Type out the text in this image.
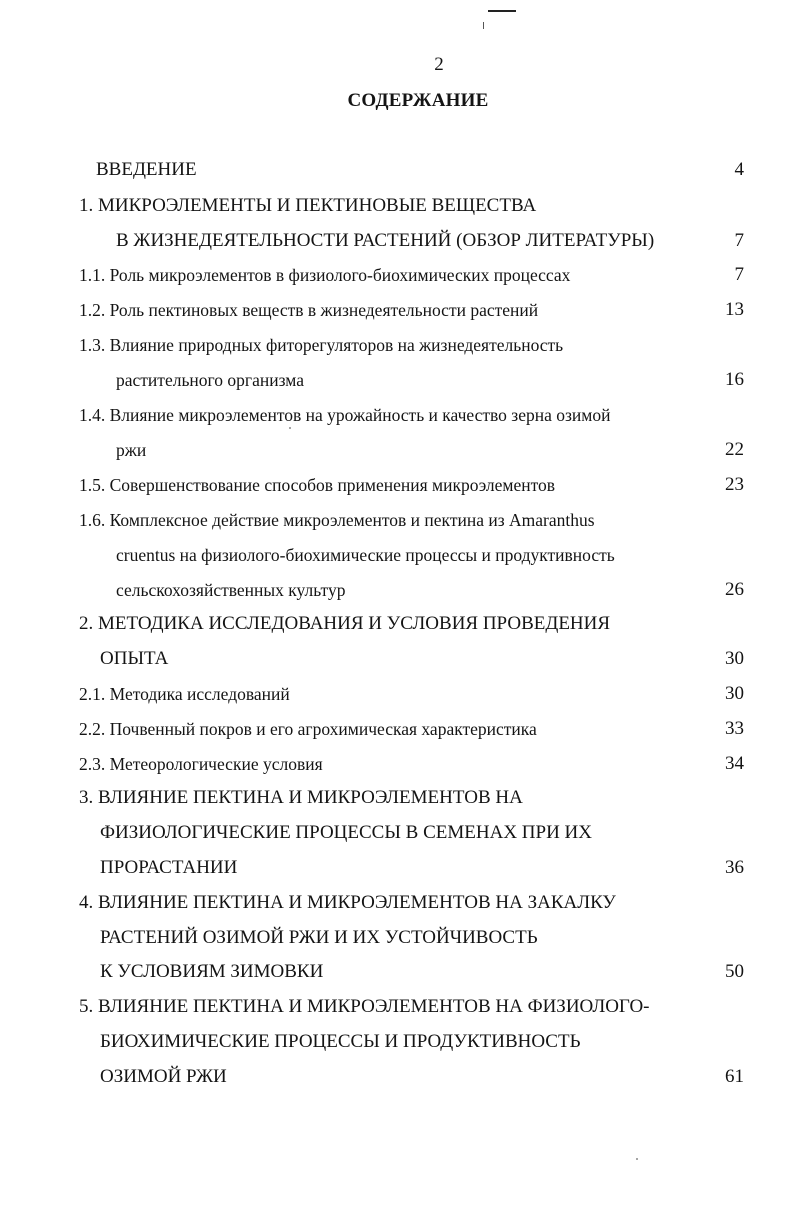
2
СОДЕРЖАНИЕ
ВВЕДЕНИЕ	4
1. МИКРОЭЛЕМЕНТЫ И ПЕКТИНОВЫЕ ВЕЩЕСТВА
В ЖИЗНЕДЕЯТЕЛЬНОСТИ РАСТЕНИЙ (ОБЗОР ЛИТЕРАТУРЫ)	7
1.1. Роль микроэлементов в физиолого-биохимических процессах	7
1.2. Роль пектиновых веществ в жизнедеятельности растений	13
1.3. Влияние природных фиторегуляторов на жизнедеятельность
растительного организма	16
1.4. Влияние микроэлементов на урожайность и качество зерна озимой
ржи	22
1.5. Совершенствование способов применения микроэлементов	23
1.6. Комплексное действие микроэлементов и пектина из Amaranthus
cruentus на физиолого-биохимические процессы и продуктивность
сельскохозяйственных культур	26
2. МЕТОДИКА ИССЛЕДОВАНИЯ И УСЛОВИЯ ПРОВЕДЕНИЯ
ОПЫТА	30
2.1. Методика исследований	30
2.2. Почвенный покров и его агрохимическая характеристика	33
2.3. Метеорологические условия	34
3. ВЛИЯНИЕ ПЕКТИНА И МИКРОЭЛЕМЕНТОВ НА
ФИЗИОЛОГИЧЕСКИЕ ПРОЦЕССЫ В СЕМЕНАХ ПРИ ИХ
ПРОРАСТАНИИ	36
4. ВЛИЯНИЕ ПЕКТИНА И МИКРОЭЛЕМЕНТОВ НА ЗАКАЛКУ
РАСТЕНИЙ ОЗИМОЙ РЖИ И ИХ УСТОЙЧИВОСТЬ
К УСЛОВИЯМ ЗИМОВКИ	50
5. ВЛИЯНИЕ ПЕКТИНА И МИКРОЭЛЕМЕНТОВ НА ФИЗИОЛОГО-
БИОХИМИЧЕСКИЕ ПРОЦЕССЫ И ПРОДУКТИВНОСТЬ
ОЗИМОЙ РЖИ	61
